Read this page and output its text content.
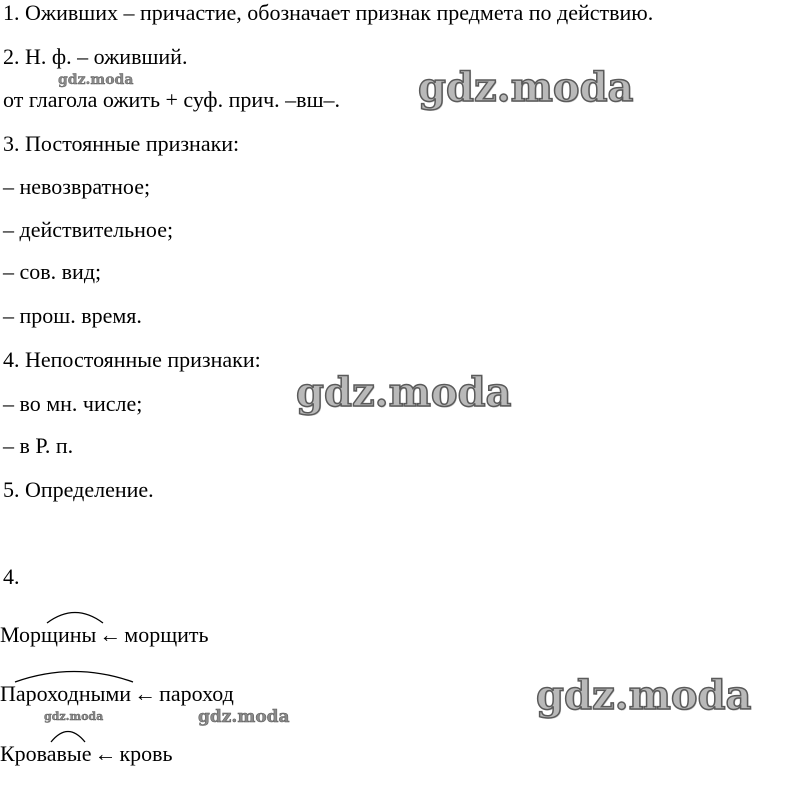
1. Оживших – причастие, обозначает признак предмета по действию.
2. Н. ф. – оживший.
от глагола ожить + суф. прич. –вш–.
3. Постоянные признаки:
– невозвратное;
– действительное;
– сов. вид;
– прош. время.
4. Непостоянные признаки:
– во мн. числе;
– в Р. п.
5. Определение.
4.
Морщины ← морщить
Пароходными ← пароход
Кровавые ← кровь
gdz.moda	gdz.moda
gdz.moda
gdz.moda
gdz.moda	gdz.moda
